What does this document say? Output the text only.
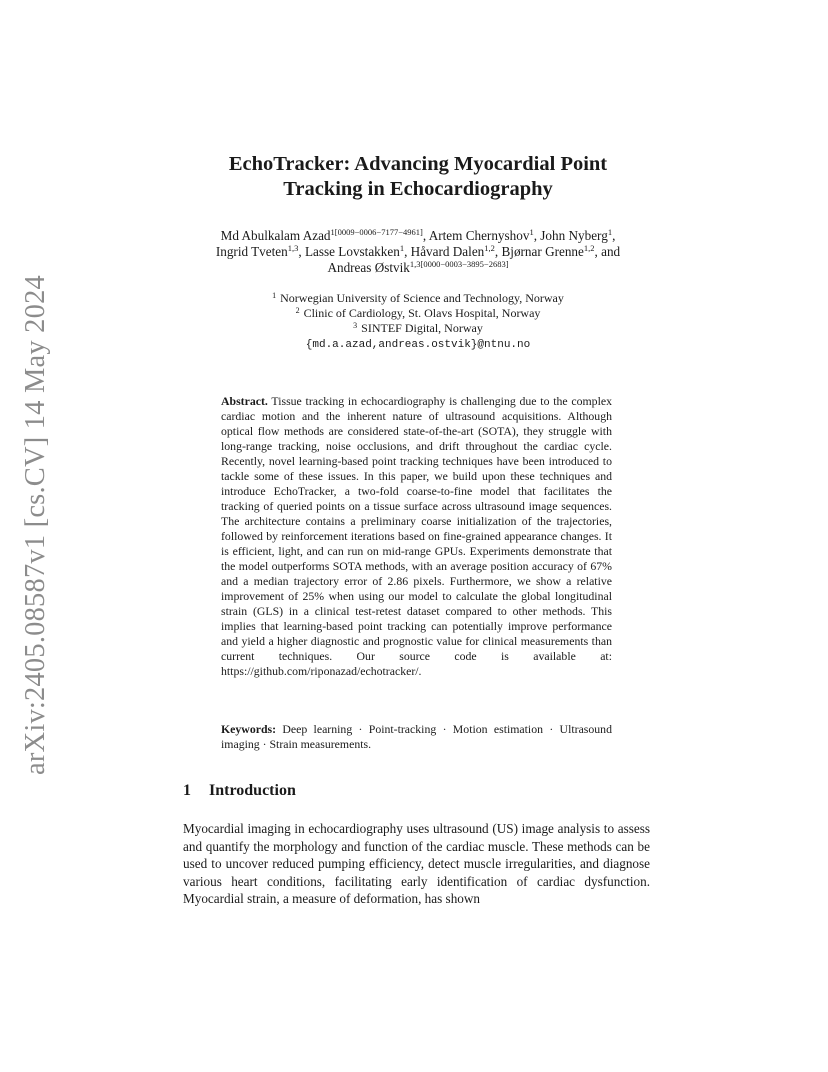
arXiv:2405.08587v1 [cs.CV] 14 May 2024
EchoTracker: Advancing Myocardial Point
Tracking in Echocardiography
Md Abulkalam Azad$^{1[0009-0006-7177-4961]}$, Artem Chernyshov$^1$, John Nyberg$^1$,
Ingrid Tveten$^{1,3}$, Lasse Lovstakken$^1$, Håvard Dalen$^{1,2}$, Bjørnar Grenne$^{1,2}$, and
Andreas Østvik$^{1,3[0000-0003-3895-2683]}$
$^1$ Norwegian University of Science and Technology, Norway
$^2$ Clinic of Cardiology, St. Olavs Hospital, Norway
$^3$ SINTEF Digital, Norway
{md.a.azad,andreas.ostvik}@ntnu.no
Abstract. Tissue tracking in echocardiography is challenging due to the complex cardiac motion and the inherent nature of ultrasound acquisitions. Although optical flow methods are considered state-of-the-art (SOTA), they struggle with long-range tracking, noise occlusions, and drift throughout the cardiac cycle. Recently, novel learning-based point tracking techniques have been introduced to tackle some of these issues. In this paper, we build upon these techniques and introduce EchoTracker, a two-fold coarse-to-fine model that facilitates the tracking of queried points on a tissue surface across ultrasound image sequences. The architecture contains a preliminary coarse initialization of the trajectories, followed by reinforcement iterations based on fine-grained appearance changes. It is efficient, light, and can run on mid-range GPUs. Experiments demonstrate that the model outperforms SOTA methods, with an average position accuracy of 67% and a median trajectory error of 2.86 pixels. Furthermore, we show a relative improvement of 25% when using our model to calculate the global longitudinal strain (GLS) in a clinical test-retest dataset compared to other methods. This implies that learning-based point tracking can potentially improve performance and yield a higher diagnostic and prognostic value for clinical measurements than current techniques. Our source code is available at: https://github.com/riponazad/echotracker/.
Keywords: Deep learning · Point-tracking · Motion estimation · Ultrasound imaging · Strain measurements.
1 Introduction
Myocardial imaging in echocardiography uses ultrasound (US) image analysis to assess and quantify the morphology and function of the cardiac muscle. These methods can be used to uncover reduced pumping efficiency, detect muscle irregularities, and diagnose various heart conditions, facilitating early identification of cardiac dysfunction. Myocardial strain, a measure of deformation, has shown
